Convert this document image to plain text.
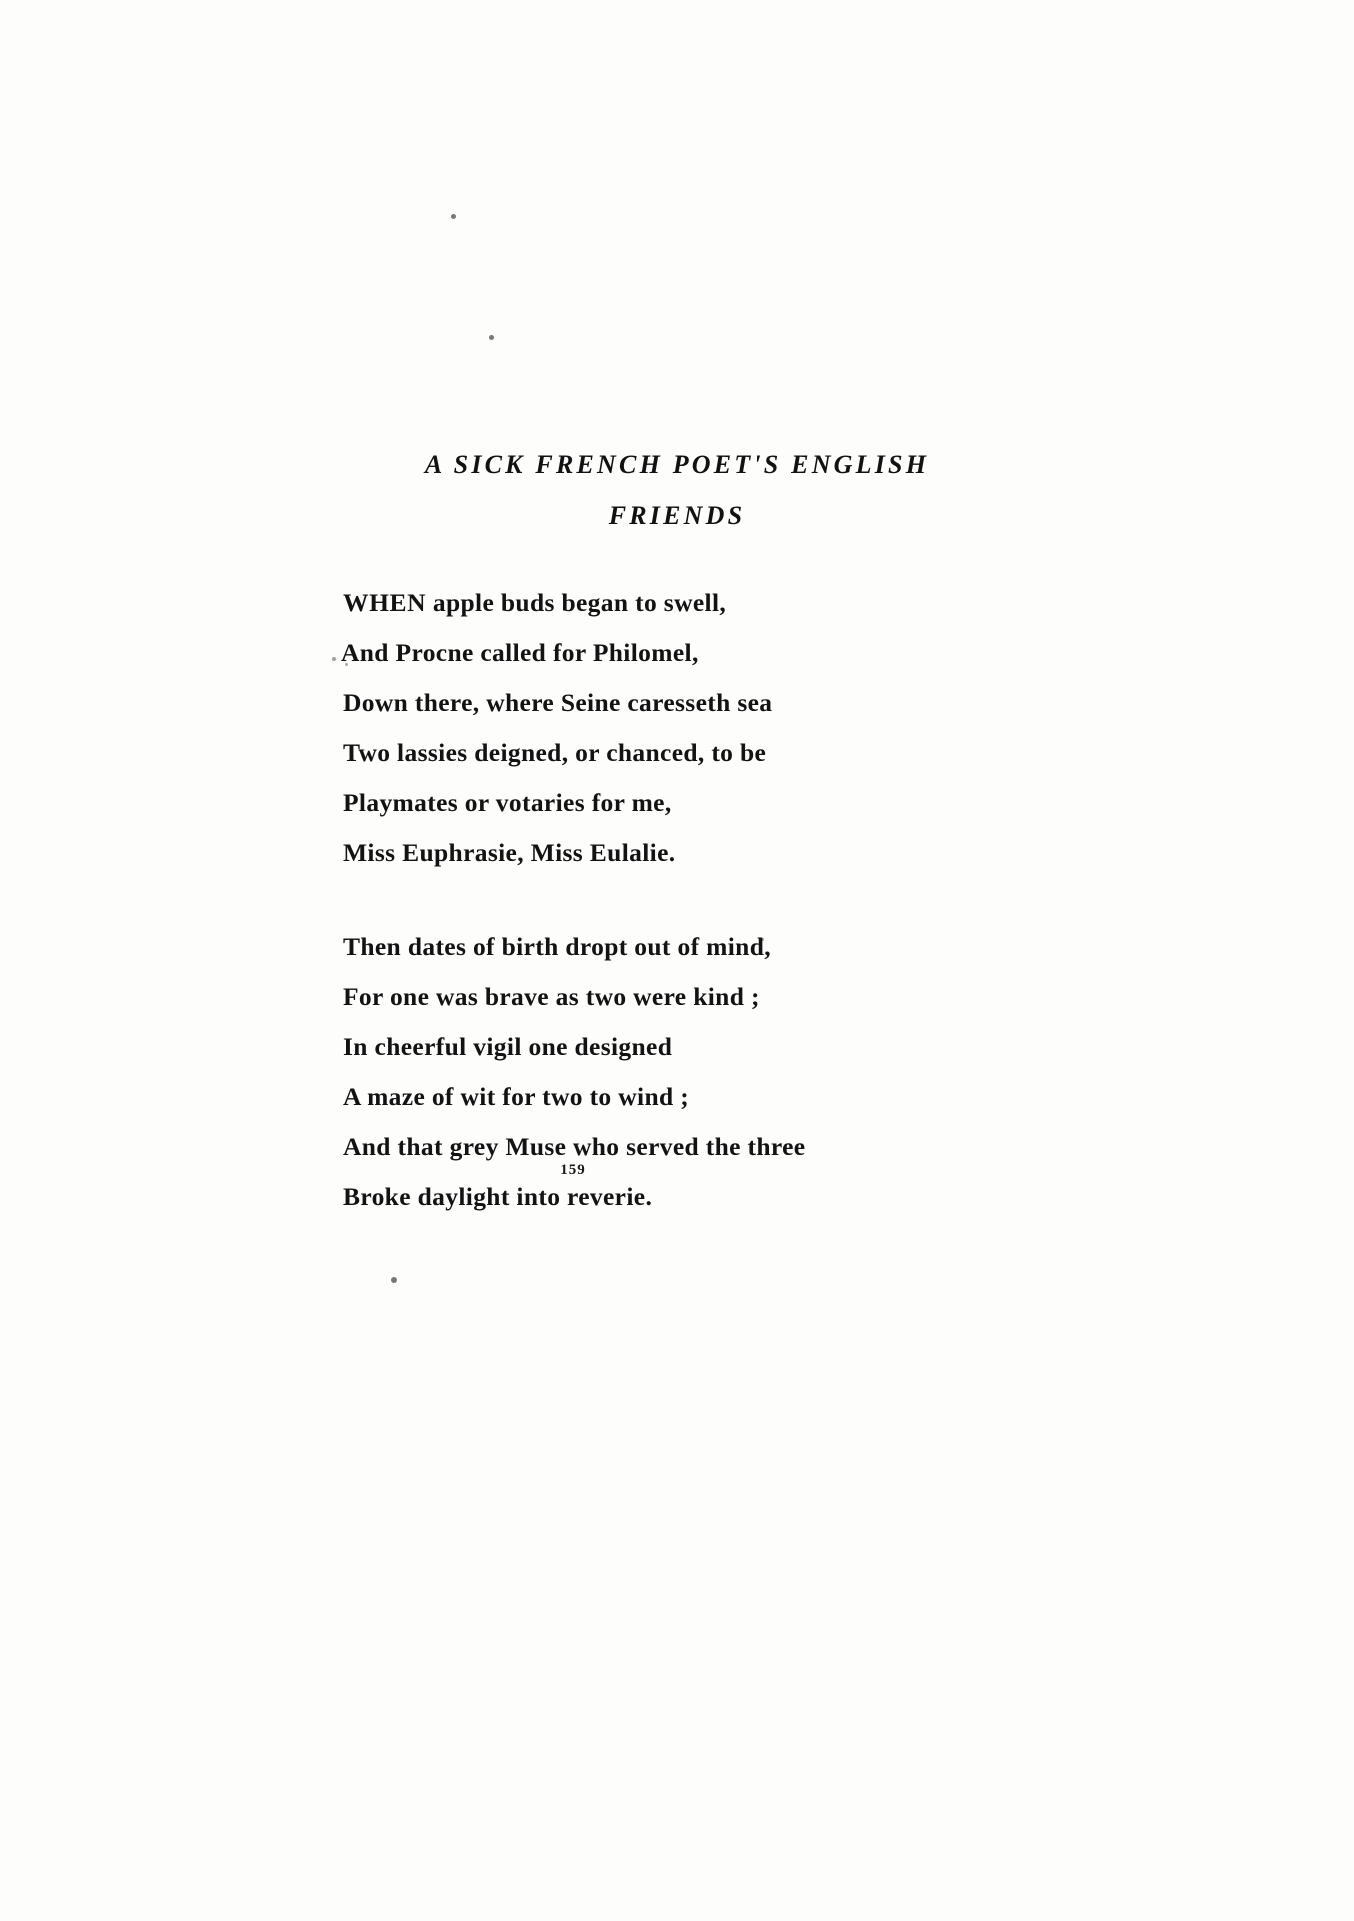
A SICK FRENCH POET'S ENGLISH
FRIENDS
WHEN apple buds began to swell,
And Procne called for Philomel,
Down there, where Seine caresseth sea
Two lassies deigned, or chanced, to be
Playmates or votaries for me,
Miss Euphrasie, Miss Eulalie.
Then dates of birth dropt out of mind,
For one was brave as two were kind ;
In cheerful vigil one designed
A maze of wit for two to wind ;
And that grey Muse who served the three
Broke daylight into reverie.
159
